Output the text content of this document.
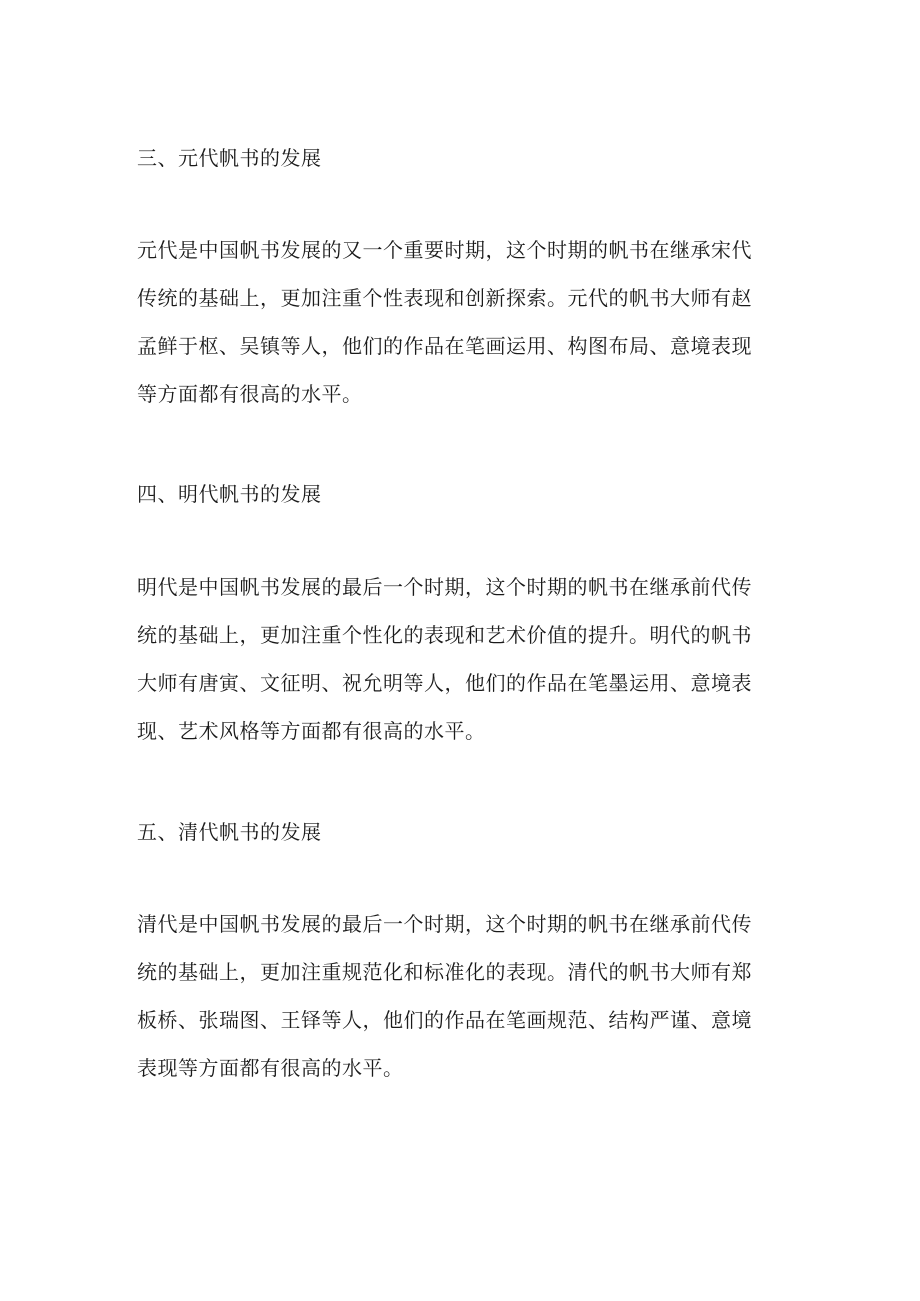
三、元代帆书的发展

元代是中国帆书发展的又一个重要时期，这个时期的帆书在继承宋代
传统的基础上，更加注重个性表现和创新探索。元代的帆书大师有赵
孟鲜于枢、吴镇等人，他们的作品在笔画运用、构图布局、意境表现
等方面都有很高的水平。

四、明代帆书的发展

明代是中国帆书发展的最后一个时期，这个时期的帆书在继承前代传
统的基础上，更加注重个性化的表现和艺术价值的提升。明代的帆书
大师有唐寅、文征明、祝允明等人，他们的作品在笔墨运用、意境表
现、艺术风格等方面都有很高的水平。

五、清代帆书的发展

清代是中国帆书发展的最后一个时期，这个时期的帆书在继承前代传
统的基础上，更加注重规范化和标准化的表现。清代的帆书大师有郑
板桥、张瑞图、王铎等人，他们的作品在笔画规范、结构严谨、意境
表现等方面都有很高的水平。
